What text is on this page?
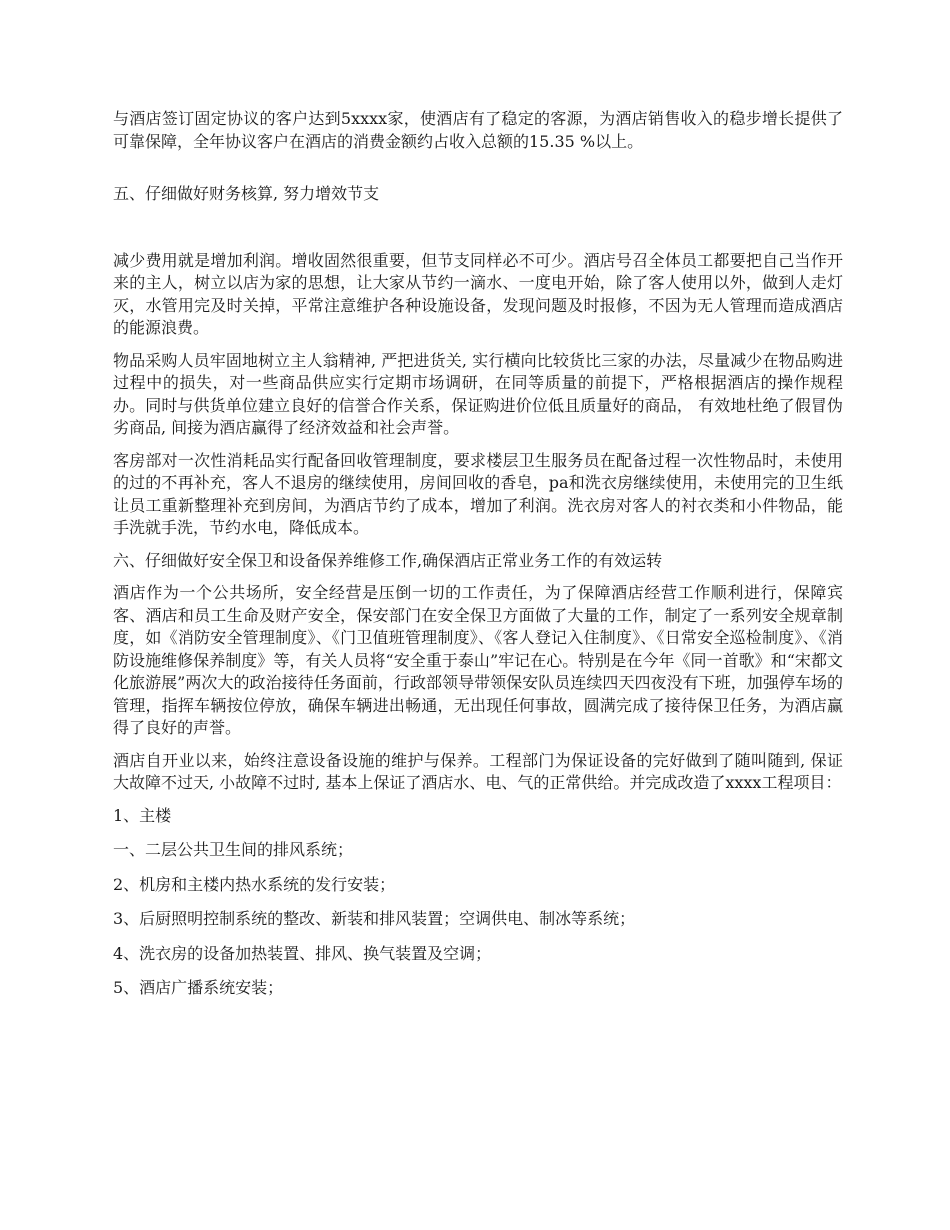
与酒店签订固定协议的客户达到5xxxx家，使酒店有了稳定的客源，为酒店销售收入的稳步增长提供了可靠保障，全年协议客户在酒店的消费金额约占收入总额的15.35 %以上。

五、仔细做好财务核算, 努力增效节支

减少费用就是增加利润。增收固然很重要，但节支同样必不可少。酒店号召全体员工都要把自己当作开来的主人，树立以店为家的思想，让大家从节约一滴水、一度电开始，除了客人使用以外，做到人走灯灭，水管用完及时关掉，平常注意维护各种设施设备，发现问题及时报修，不因为无人管理而造成酒店的能源浪费。

物品采购人员牢固地树立主人翁精神, 严把进货关, 实行横向比较货比三家的办法，尽量减少在物品购进过程中的损失，对一些商品供应实行定期市场调研，在同等质量的前提下，严格根据酒店的操作规程办。同时与供货单位建立良好的信誉合作关系，保证购进价位低且质量好的商品， 有效地杜绝了假冒伪劣商品, 间接为酒店赢得了经济效益和社会声誉。

客房部对一次性消耗品实行配备回收管理制度，要求楼层卫生服务员在配备过程一次性物品时，未使用的过的不再补充，客人不退房的继续使用，房间回收的香皂，pa和洗衣房继续使用，未使用完的卫生纸让员工重新整理补充到房间，为酒店节约了成本，增加了利润。洗衣房对客人的衬衣类和小件物品，能手洗就手洗，节约水电，降低成本。

六、仔细做好安全保卫和设备保养维修工作,确保酒店正常业务工作的有效运转

酒店作为一个公共场所，安全经营是压倒一切的工作责任，为了保障酒店经营工作顺利进行，保障宾客、酒店和员工生命及财产安全，保安部门在安全保卫方面做了大量的工作，制定了一系列安全规章制度，如《消防安全管理制度》、《门卫值班管理制度》、《客人登记入住制度》、《日常安全巡检制度》、《消防设施维修保养制度》等，有关人员将“安全重于泰山”牢记在心。特别是在今年《同一首歌》和“宋都文化旅游展”两次大的政治接待任务面前，行政部领导带领保安队员连续四天四夜没有下班，加强停车场的管理，指挥车辆按位停放，确保车辆进出畅通，无出现任何事故，圆满完成了接待保卫任务，为酒店赢得了良好的声誉。

酒店自开业以来，始终注意设备设施的维护与保养。工程部门为保证设备的完好做到了随叫随到, 保证大故障不过天, 小故障不过时, 基本上保证了酒店水、电、气的正常供给。并完成改造了xxxx工程项目：

1、主楼

一、二层公共卫生间的排风系统；

2、机房和主楼内热水系统的发行安装；

3、后厨照明控制系统的整改、新装和排风装置；空调供电、制冰等系统；

4、洗衣房的设备加热装置、排风、换气装置及空调；

5、酒店广播系统安装；
